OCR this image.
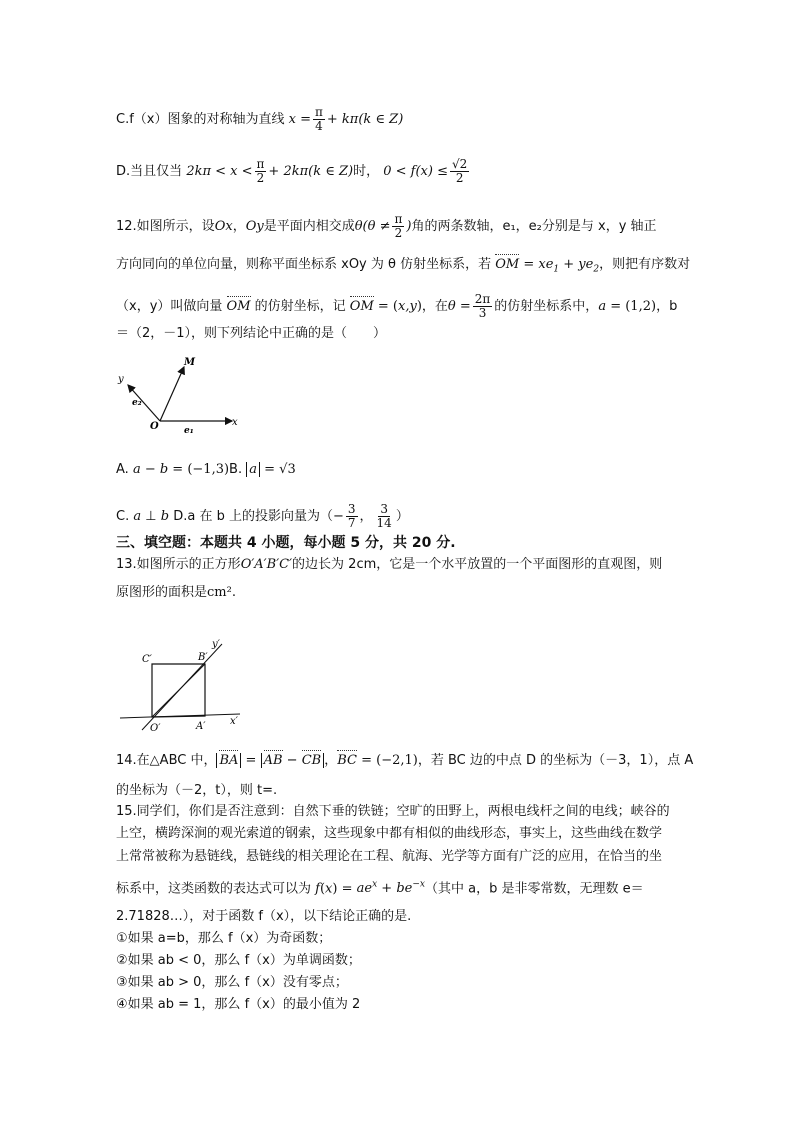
C.f（x）图象的对称轴为直线 $x = \frac{\pi}{4} + k\pi(k$ ∈ Z)
D.当且仅当 $2k\pi < x < \frac{\pi}{2} + 2k\pi(k$ ∈ Z)时， $0 < f(x) \le \frac{√2}{2}$
12.如图所示，设Ox，Oy是平面内相交成$\theta(\theta \ne \frac{\pi}{2}$ )角的两条数轴，e₁，e₂分别是与 x，y 轴正
方向同向的单位向量，则称平面坐标系 xOy 为 θ 仿射坐标系，若 OM = $xe_1 + ye_2$，则把有序数对
（x，y）叫做向量 OM 的仿射坐标，记 OM = (x,y)，在$\theta = \frac{2\pi}{3}$ 的仿射坐标系中，a = (1,2)，b
＝（2，－1），则下列结论中正确的是（　　）
y
M
e₂
O	e₁
x
A. a − b = (−1,3)B. a = √3
C. a ⊥ b D.a 在 b 上的投影向量为（− $\frac{3}{7}$ ， $\frac{3}{14}$ ）
三、填空题：本题共 4 小题，每小题 5 分，共 20 分.
13.如图所示的正方形O′A′B′C′的边长为 2cm，它是一个水平放置的一个平面图形的直观图，则
原图形的面积是cm².
C′	B′
y′
O′	A′ x′
14.在△ABC 中， BA = AB − CB ，BC = (−2,1)，若 BC 边的中点 D 的坐标为（－3，1），点 A
的坐标为（－2，t），则 t=.
15.同学们，你们是否注意到：自然下垂的铁链；空旷的田野上，两根电线杆之间的电线；峡谷的
上空，横跨深涧的观光索道的钢索，这些现象中都有相似的曲线形态，事实上，这些曲线在数学
上常常被称为悬链线，悬链线的相关理论在工程、航海、光学等方面有广泛的应用，在恰当的坐
标系中，这类函数的表达式可以为 $f(x) = ae^x + be^{-x}$（其中 a，b 是非零常数，无理数 e＝
2.71828…），对于函数 f（x），以下结论正确的是.
①如果 a=b，那么 f（x）为奇函数；
②如果 ab < 0，那么 f（x）为单调函数；
③如果 ab > 0，那么 f（x）没有零点；
④如果 ab = 1，那么 f（x）的最小值为 2
